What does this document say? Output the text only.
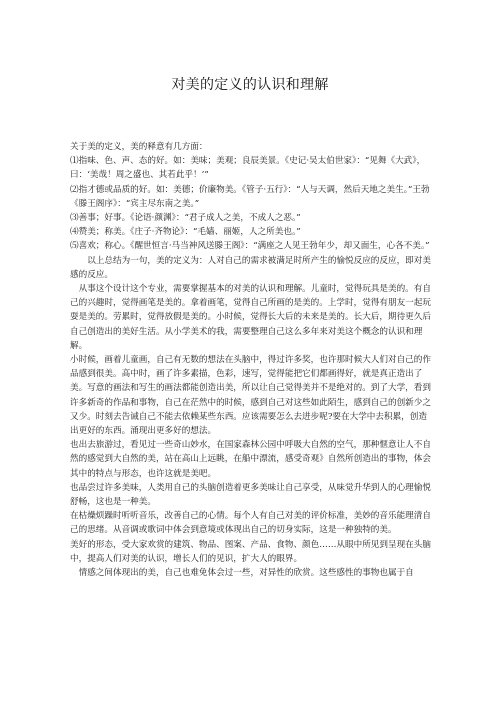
对美的定义的认识和理解

关于美的定义，美的释意有几方面：

⑴指味、色、声、态的好。如：美味；美观；良辰美景。《史记·吴太伯世家》：“见舞《大武》，曰：‘美哉！周之盛也、其若此乎！’”

⑵指才德或品质的好。如：美德；价廉物美。《管子·五行》：“人与天调，然后天地之美生。”王勃《滕王阁序》：“宾主尽东南之美。”

⑶善事；好事。《论语·颜渊》：“君子成人之美，不成人之恶。”

⑷赞美；称美。《庄子·齐物论》：“毛嫱、丽姬，人之所美也。”

⑸喜欢；称心。《醒世恒言·马当神风送滕王阁》：“满座之人见王勃年少，却又面生，心各不美。”

以上总结为一句，美的定义为：人对自己的需求被满足时所产生的愉悦反应的反应，即对美感的反应。

从事这个设计这个专业，需要掌握基本的对美的认识和理解。儿童时，觉得玩具是美的。有自己的兴趣时，觉得画笔是美的。拿着画笔，觉得自己所画的是美的。上学时，觉得有朋友一起玩耍是美的。劳累时，觉得放假是美的。小时候，觉得长大后的未来是美的。长大后，期待更久后自己创造出的美好生活。从小学美术的我，需要整理自己这么多年来对美这个概念的认识和理解。

小时候，画着儿童画，自己有无数的想法在头脑中，得过许多奖，也许那时候大人们对自己的作品感到很美。高中时，画了许多素描，色彩，速写，觉得能把它们都画得好，就是真正造出了美。写意的画法和写生的画法都能创造出美，所以让自己觉得美并不是绝对的。到了大学，看到许多新奇的作品和事物，自己在茫然中的时候，感到自己对这些如此陌生，感到自己的创新少之又少。时刻去告诫自己不能去依赖某些东西。应该需要怎么去进步呢?要在大学中去积累，创造出更好的东西。涌现出更多好的想法。

也出去旅游过，看见过一些奇山妙水，在国家森林公园中呼吸大自然的空气，那种惬意让人不自然的感觉到大自然的美，站在高山上远眺，在船中漂流，感受奇观》自然所创造出的事物，体会其中的特点与形态，也许这就是美吧。

也品尝过许多美味，人类用自己的头脑创造着更多美味让自己享受，从味觉升华到人的心理愉悦舒畅，这也是一种美。

在枯燥烦躁时听听音乐，改善自己的心情。每个人有自己对美的评价标准，美妙的音乐能理清自己的思绪。从音调或歌词中体会到意境或体现出自己的切身实际，这是一种独特的美。

美好的形态，受大家欢赏的建筑、物品、图案、产品、食物、颜色……从眼中所见到呈现在头脑中，提高人们对美的认识，增长人们的见识，扩大人的眼界。

情感之间体现出的美，自己也难免体会过一些，对异性的欣赏。这些感性的事物也属于自
